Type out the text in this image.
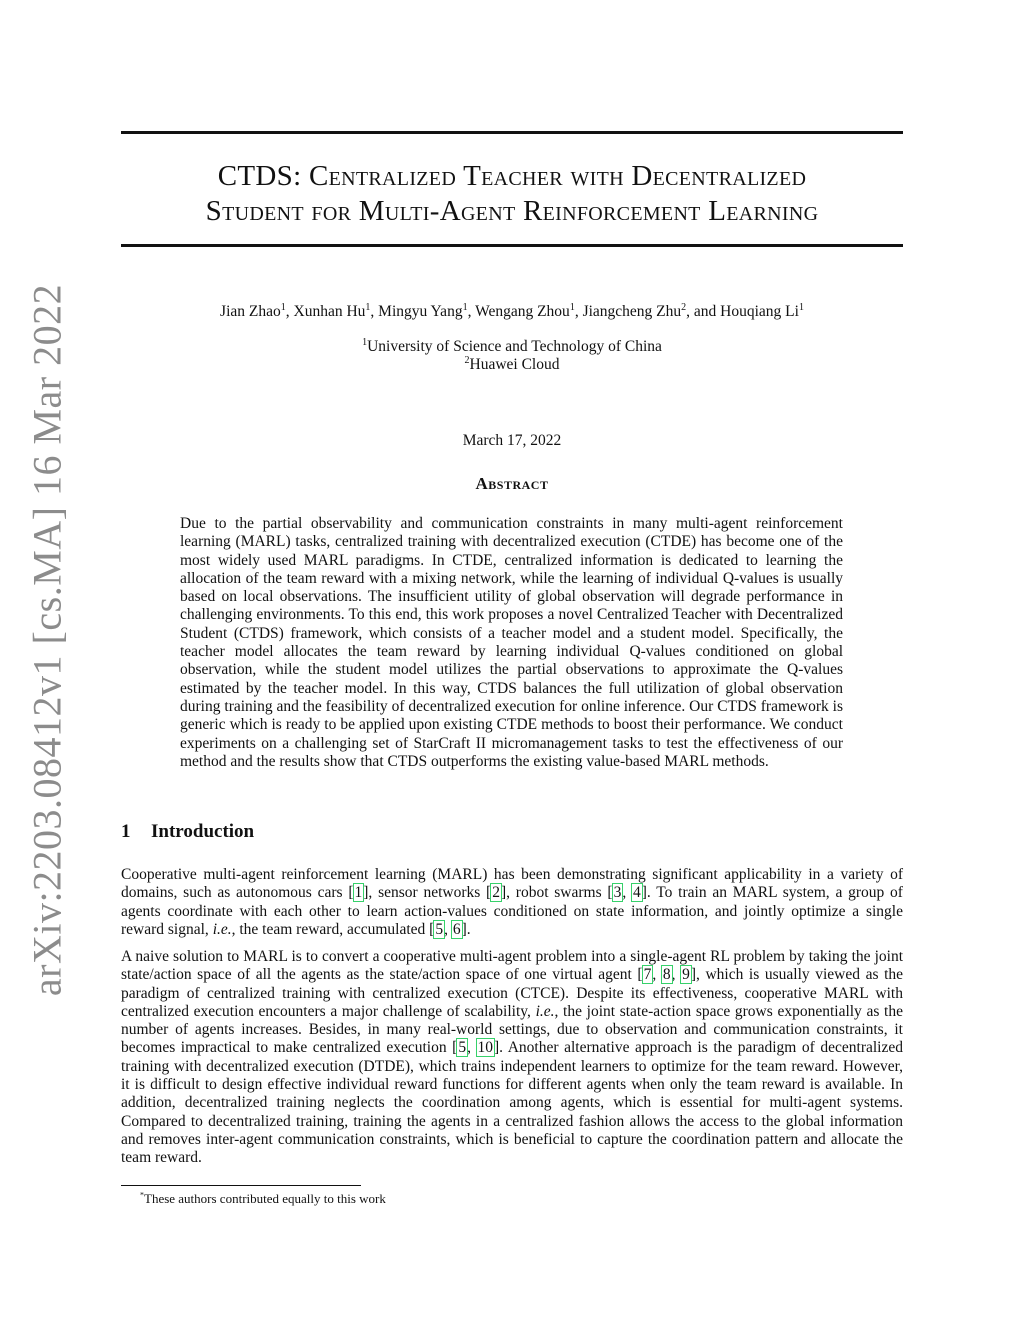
arXiv:2203.08412v1 [cs.MA] 16 Mar 2022
CTDS: Centralized Teacher with Decentralized
Student for Multi-Agent Reinforcement Learning
Jian Zhao$^1$, Xunhan Hu$^1$, Mingyu Yang$^1$, Wengang Zhou$^1$, Jiangcheng Zhu$^2$, and Houqiang Li$^1$
$^1$University of Science and Technology of China
$^2$Huawei Cloud
March 17, 2022
Abstract

Due to the partial observability and communication constraints in many multi-agent reinforcement learning (MARL) tasks, centralized training with decentralized execution (CTDE) has become one of the most widely used MARL paradigms. In CTDE, centralized information is dedicated to learning the allocation of the team reward with a mixing network, while the learning of individual Q-values is usually based on local observations. The insufficient utility of global observation will degrade performance in challenging environments. To this end, this work proposes a novel Centralized Teacher with Decentralized Student (CTDS) framework, which consists of a teacher model and a student model. Specifically, the teacher model allocates the team reward by learning individual Q-values conditioned on global observation, while the student model utilizes the partial observations to approximate the Q-values estimated by the teacher model. In this way, CTDS balances the full utilization of global observation during training and the feasibility of decentralized execution for online inference. Our CTDS framework is generic which is ready to be applied upon existing CTDE methods to boost their performance. We conduct experiments on a challenging set of StarCraft II micromanagement tasks to test the effectiveness of our method and the results show that CTDS outperforms the existing value-based MARL methods.

1 Introduction

Cooperative multi-agent reinforcement learning (MARL) has been demonstrating significant applicability in a variety of domains, such as autonomous cars [1], sensor networks [2], robot swarms [3, 4]. To train an MARL system, a group of agents coordinate with each other to learn action-values conditioned on state information, and jointly optimize a single reward signal, i.e., the team reward, accumulated [5, 6].

A naive solution to MARL is to convert a cooperative multi-agent problem into a single-agent RL problem by taking the joint state/action space of all the agents as the state/action space of one virtual agent [7, 8, 9], which is usually viewed as the paradigm of centralized training with centralized execution (CTCE). Despite its effectiveness, cooperative MARL with centralized execution encounters a major challenge of scalability, i.e., the joint state-action space grows exponentially as the number of agents increases. Besides, in many real-world settings, due to observation and communication constraints, it becomes impractical to make centralized execution [5, 10]. Another alternative approach is the paradigm of decentralized training with decentralized execution (DTDE), which trains independent learners to optimize for the team reward. However, it is difficult to design effective individual reward functions for different agents when only the team reward is available. In addition, decentralized training neglects the coordination among agents, which is essential for multi-agent systems. Compared to decentralized training, training the agents in a centralized fashion allows the access to the global information and removes inter-agent communication constraints, which is beneficial to capture the coordination pattern and allocate the team reward.

*These authors contributed equally to this work
